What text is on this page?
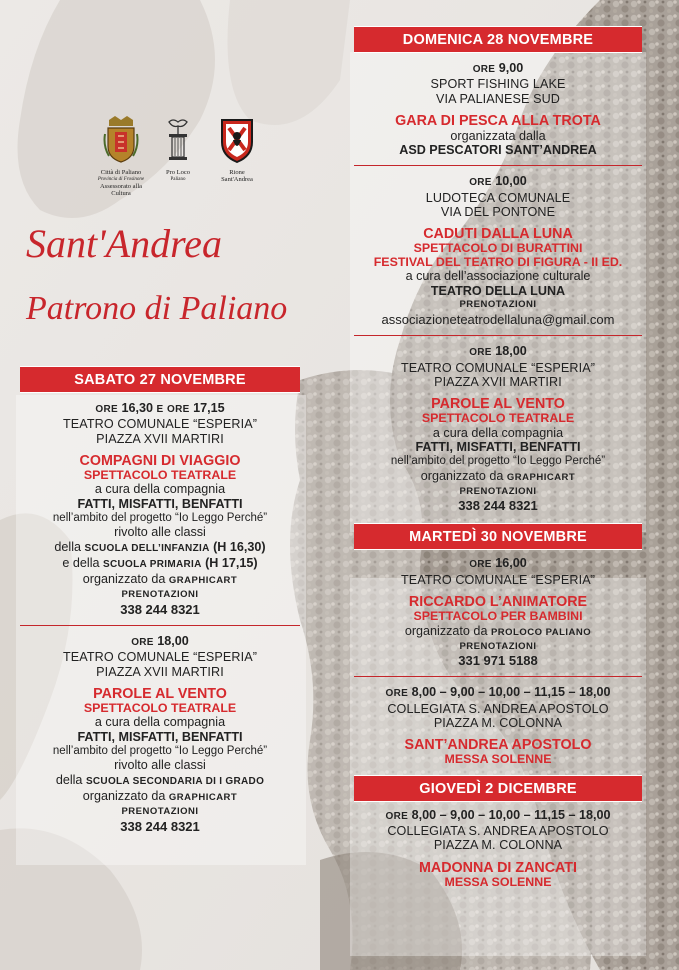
Città di Paliano
Provincia di Frosinone
Assessorato alla Cultura
Pro Loco
Paliano
Rione
Sant'Andrea
Sant'Andrea
Patrono di Paliano
SABATO 27 NOVEMBRE
ORE 16,30 E ORE 17,15
TEATRO COMUNALE “ESPERIA”
PIAZZA XVII MARTIRI
COMPAGNI DI VIAGGIO
SPETTACOLO TEATRALE
a cura della compagnia
FATTI, MISFATTI, BENFATTI
nell’ambito del progetto “Io Leggo Perché”
rivolto alle classi
della SCUOLA DELL’INFANZIA (H 16,30)
e della SCUOLA PRIMARIA (H 17,15)
organizzato da GRAPHICART
PRENOTAZIONI
338 244 8321
ORE 18,00
TEATRO COMUNALE “ESPERIA”
PIAZZA XVII MARTIRI
PAROLE AL VENTO
SPETTACOLO TEATRALE
a cura della compagnia
FATTI, MISFATTI, BENFATTI
nell’ambito del progetto “Io Leggo Perché”
rivolto alle classi
della SCUOLA SECONDARIA DI I GRADO
organizzato da GRAPHICART
PRENOTAZIONI
338 244 8321
DOMENICA 28 NOVEMBRE
ORE 9,00
SPORT FISHING LAKE
VIA PALIANESE SUD
GARA DI PESCA ALLA TROTA
organizzata dalla
ASD PESCATORI SANT’ANDREA
ORE 10,00
LUDOTECA COMUNALE
VIA DEL PONTONE
CADUTI DALLA LUNA
SPETTACOLO DI BURATTINI
FESTIVAL DEL TEATRO DI FIGURA - II ED.
a cura dell’associazione culturale
TEATRO DELLA LUNA
PRENOTAZIONI
associazioneteatrodellaluna@gmail.com
ORE 18,00
TEATRO COMUNALE “ESPERIA”
PIAZZA XVII MARTIRI
PAROLE AL VENTO
SPETTACOLO TEATRALE
a cura della compagnia
FATTI, MISFATTI, BENFATTI
nell’ambito del progetto “Io Leggo Perché”
organizzato da GRAPHICART
PRENOTAZIONI
338 244 8321
MARTEDÌ 30 NOVEMBRE
ORE 16,00
TEATRO COMUNALE “ESPERIA”
RICCARDO L’ANIMATORE
SPETTACOLO PER BAMBINI
organizzato da PROLOCO PALIANO
PRENOTAZIONI
331 971 5188
ORE 8,00 – 9,00 – 10,00 – 11,15 – 18,00
COLLEGIATA S. ANDREA APOSTOLO
PIAZZA M. COLONNA
SANT’ANDREA APOSTOLO
MESSA SOLENNE
GIOVEDÌ 2 DICEMBRE
ORE 8,00 – 9,00 – 10,00 – 11,15 – 18,00
COLLEGIATA S. ANDREA APOSTOLO
PIAZZA M. COLONNA
MADONNA DI ZANCATI
MESSA SOLENNE
